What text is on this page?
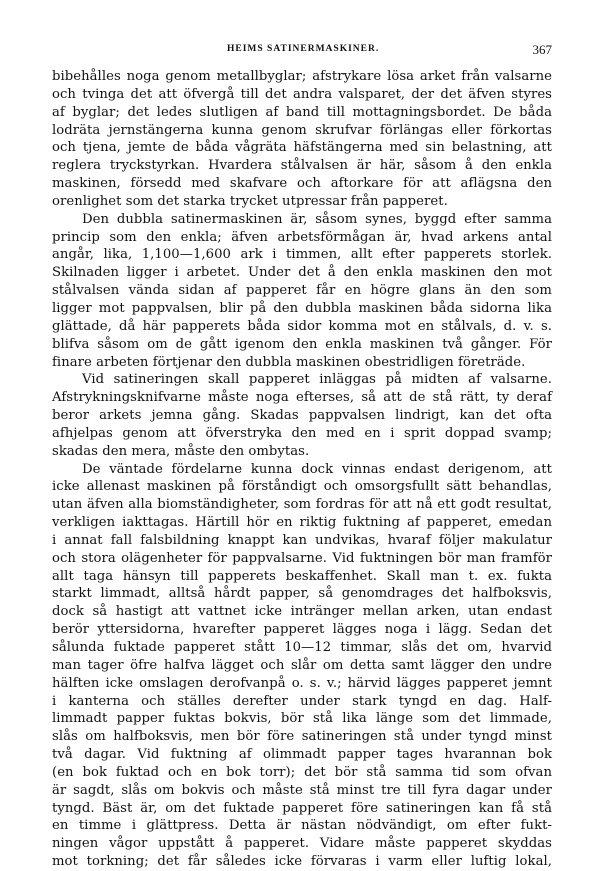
HEIMS SATINERMASKINER.	367
bibehålles noga genom metallbyglar; afstrykare lösa arket från valsarne
och tvinga det att öfvergå till det andra valsparet, der det äfven styres
af byglar; det ledes slutligen af band till mottagningsbordet. De båda
lodräta jernstängerna kunna genom skrufvar förlängas eller förkortas
och tjena, jemte de båda vågräta häfstängerna med sin belastning, att
reglera tryckstyrkan. Hvardera stålvalsen är här, såsom å den enkla
maskinen, försedd med skafvare och aftorkare för att aflägsna den
orenlighet som det starka trycket utpressar från papperet.
Den dubbla satinermaskinen är, såsom synes, byggd efter samma
princip som den enkla; äfven arbetsförmågan är, hvad arkens antal
angår, lika, 1,100—1,600 ark i timmen, allt efter papperets storlek.
Skilnaden ligger i arbetet. Under det å den enkla maskinen den mot
stålvalsen vända sidan af papperet får en högre glans än den som
ligger mot pappvalsen, blir på den dubbla maskinen båda sidorna lika
glättade, då här papperets båda sidor komma mot en stålvals, d. v. s.
blifva såsom om de gått igenom den enkla maskinen två gånger. För
finare arbeten förtjenar den dubbla maskinen obestridligen företräde.
Vid satineringen skall papperet inläggas på midten af valsarne.
Afstrykningsknifvarne måste noga efterses, så att de stå rätt, ty deraf
beror arkets jemna gång. Skadas pappvalsen lindrigt, kan det ofta
afhjelpas genom att öfverstryka den med en i sprit doppad svamp;
skadas den mera, måste den ombytas.
De väntade fördelarne kunna dock vinnas endast derigenom, att
icke allenast maskinen på förståndigt och omsorgsfullt sätt behandlas,
utan äfven alla biomständigheter, som fordras för att nå ett godt resultat,
verkligen iakttagas. Härtill hör en riktig fuktning af papperet, emedan
i annat fall falsbildning knappt kan undvikas, hvaraf följer makulatur
och stora olägenheter för pappvalsarne. Vid fuktningen bör man framför
allt taga hänsyn till papperets beskaffenhet. Skall man t. ex. fukta
starkt limmadt, alltså hårdt papper, så genomdrages det halfboksvis,
dock så hastigt att vattnet icke intränger mellan arken, utan endast
berör yttersidorna, hvarefter papperet lägges noga i lägg. Sedan det
sålunda fuktade papperet stått 10—12 timmar, slås det om, hvarvid
man tager öfre halfva lägget och slår om detta samt lägger den undre
hälften icke omslagen derofvanpå o. s. v.; härvid lägges papperet jemnt
i kanterna och ställes derefter under stark tyngd en dag. Half-
limmadt papper fuktas bokvis, bör stå lika länge som det limmade,
slås om halfboksvis, men bör före satineringen stå under tyngd minst
två dagar. Vid fuktning af olimmadt papper tages hvarannan bok
(en bok fuktad och en bok torr); det bör stå samma tid som ofvan
är sagdt, slås om bokvis och måste stå minst tre till fyra dagar under
tyngd. Bäst är, om det fuktade papperet före satineringen kan få stå
en timme i glättpress. Detta är nästan nödvändigt, om efter fukt-
ningen vågor uppstått å papperet. Vidare måste papperet skyddas
mot torkning; det får således icke förvaras i varm eller luftig lokal,
